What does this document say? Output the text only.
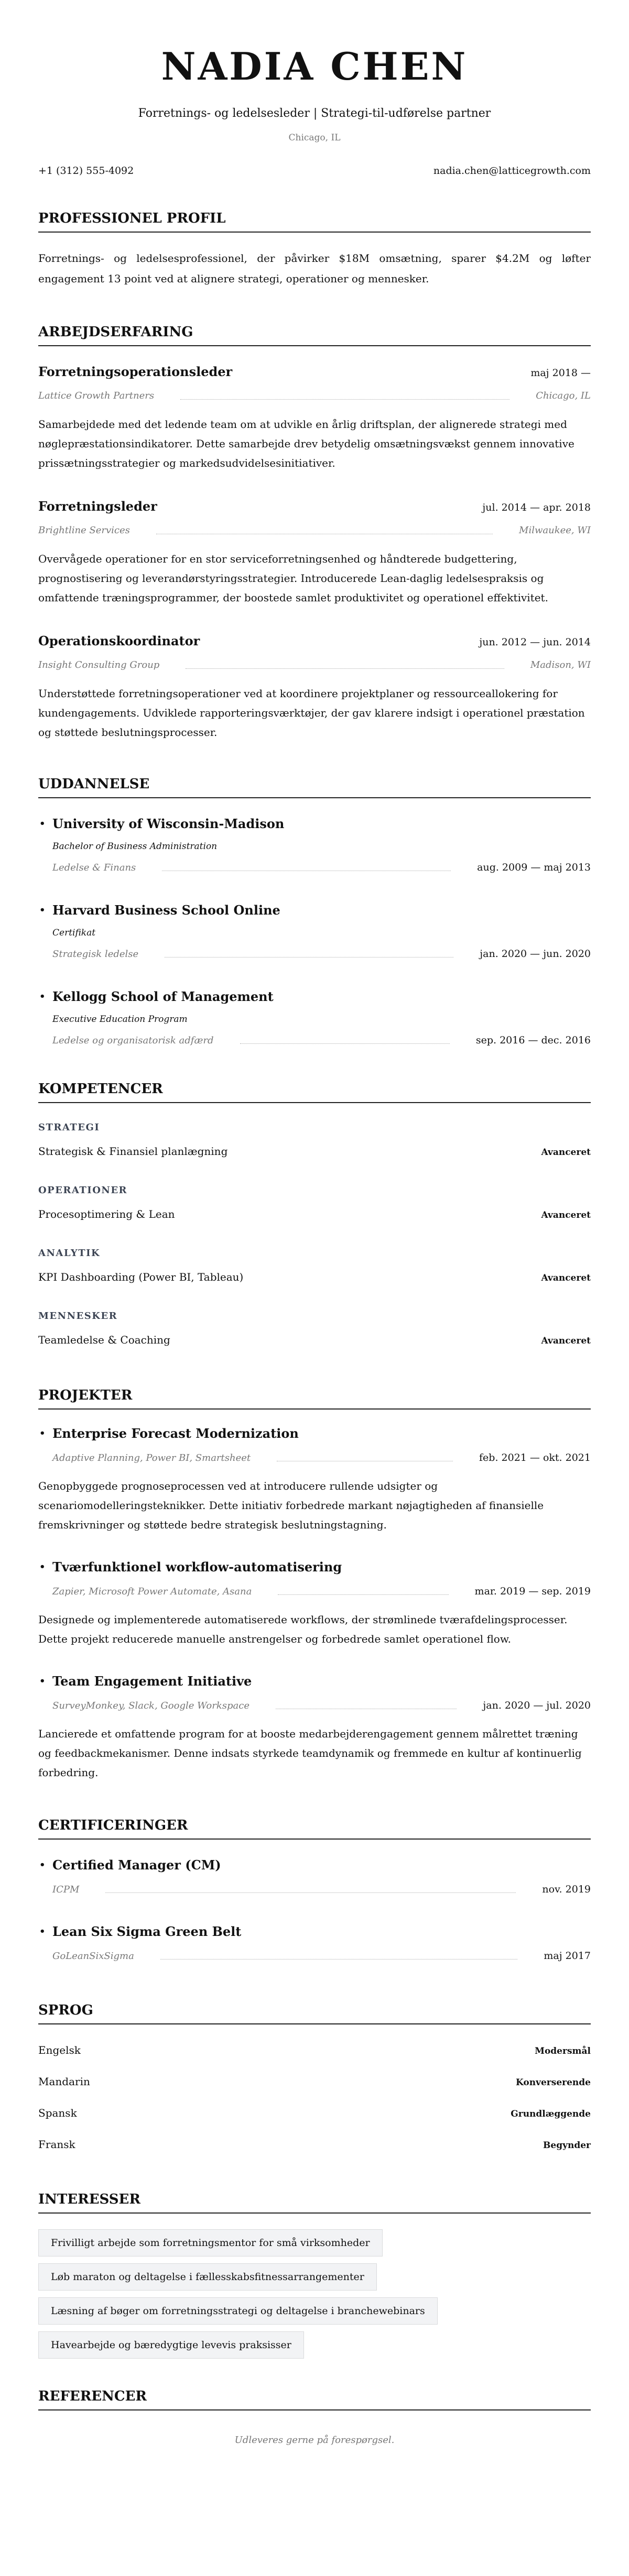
NADIA CHEN
Forretnings- og ledelsesleder | Strategi-til-udførelse partner
Chicago, IL
+1 (312) 555-4092	nadia.chen@latticegrowth.com
PROFESSIONEL PROFIL

Forretnings- og ledelsesprofessionel, der påvirker $18M omsætning, sparer $4.2M og løfter engagement 13 point ved at alignere strategi, operationer og mennesker.

ARBEJDSERFARING
Forretningsoperationsleder	maj 2018 —
Lattice Growth Partners	Chicago, IL
Samarbejdede med det ledende team om at udvikle en årlig driftsplan, der alignerede strategi med nøglepræstationsindikatorer. Dette samarbejde drev betydelig omsætningsvækst gennem innovative prissætningsstrategier og markedsudvidelsesinitiativer.
Forretningsleder	jul. 2014 — apr. 2018
Brightline Services	Milwaukee, WI
Overvågede operationer for en stor serviceforretningsenhed og håndterede budgettering, prognostisering og leverandørstyringsstrategier. Introducerede Lean-daglig ledelsespraksis og omfattende træningsprogrammer, der boostede samlet produktivitet og operationel effektivitet.
Operationskoordinator	jun. 2012 — jun. 2014
Insight Consulting Group	Madison, WI
Understøttede forretningsoperationer ved at koordinere projektplaner og ressourceallokering for kundengagements. Udviklede rapporteringsværktøjer, der gav klarere indsigt i operationel præstation og støttede beslutningsprocesser.
UDDANNELSE
• University of Wisconsin-Madison
Bachelor of Business Administration
Ledelse & Finans	aug. 2009 — maj 2013
• Harvard Business School Online
Certifikat
Strategisk ledelse	jan. 2020 — jun. 2020
• Kellogg School of Management
Executive Education Program
Ledelse og organisatorisk adfærd	sep. 2016 — dec. 2016
KOMPETENCER
STRATEGI
Strategisk & Finansiel planlægning	Avanceret
OPERATIONER
Procesoptimering & Lean	Avanceret
ANALYTIK
KPI Dashboarding (Power BI, Tableau)	Avanceret
MENNESKER
Teamledelse & Coaching	Avanceret
PROJEKTER
• Enterprise Forecast Modernization
Adaptive Planning, Power BI, Smartsheet	feb. 2021 — okt. 2021
Genopbyggede prognoseprocessen ved at introducere rullende udsigter og scenariomodelleringsteknikker. Dette initiativ forbedrede markant nøjagtigheden af finansielle fremskrivninger og støttede bedre strategisk beslutningstagning.
• Tværfunktionel workflow-automatisering
Zapier, Microsoft Power Automate, Asana	mar. 2019 — sep. 2019
Designede og implementerede automatiserede workflows, der strømlinede tværafdelingsprocesser. Dette projekt reducerede manuelle anstrengelser og forbedrede samlet operationel flow.
• Team Engagement Initiative
SurveyMonkey, Slack, Google Workspace	jan. 2020 — jul. 2020
Lancierede et omfattende program for at booste medarbejderengagement gennem målrettet træning og feedbackmekanismer. Denne indsats styrkede teamdynamik og fremmede en kultur af kontinuerlig forbedring.
CERTIFICERINGER
• Certified Manager (CM)
ICPM	nov. 2019
• Lean Six Sigma Green Belt
GoLeanSixSigma	maj 2017
SPROG
Engelsk	Modersmål
Mandarin	Konverserende
Spansk	Grundlæggende
Fransk	Begynder
INTERESSER
Frivilligt arbejde som forretningsmentor for små virksomheder
Løb maraton og deltagelse i fællesskabsfitnessarrangementer
Læsning af bøger om forretningsstrategi og deltagelse i branchewebinars
Havearbejde og bæredygtige levevis praksisser
REFERENCER
Udleveres gerne på forespørgsel.
